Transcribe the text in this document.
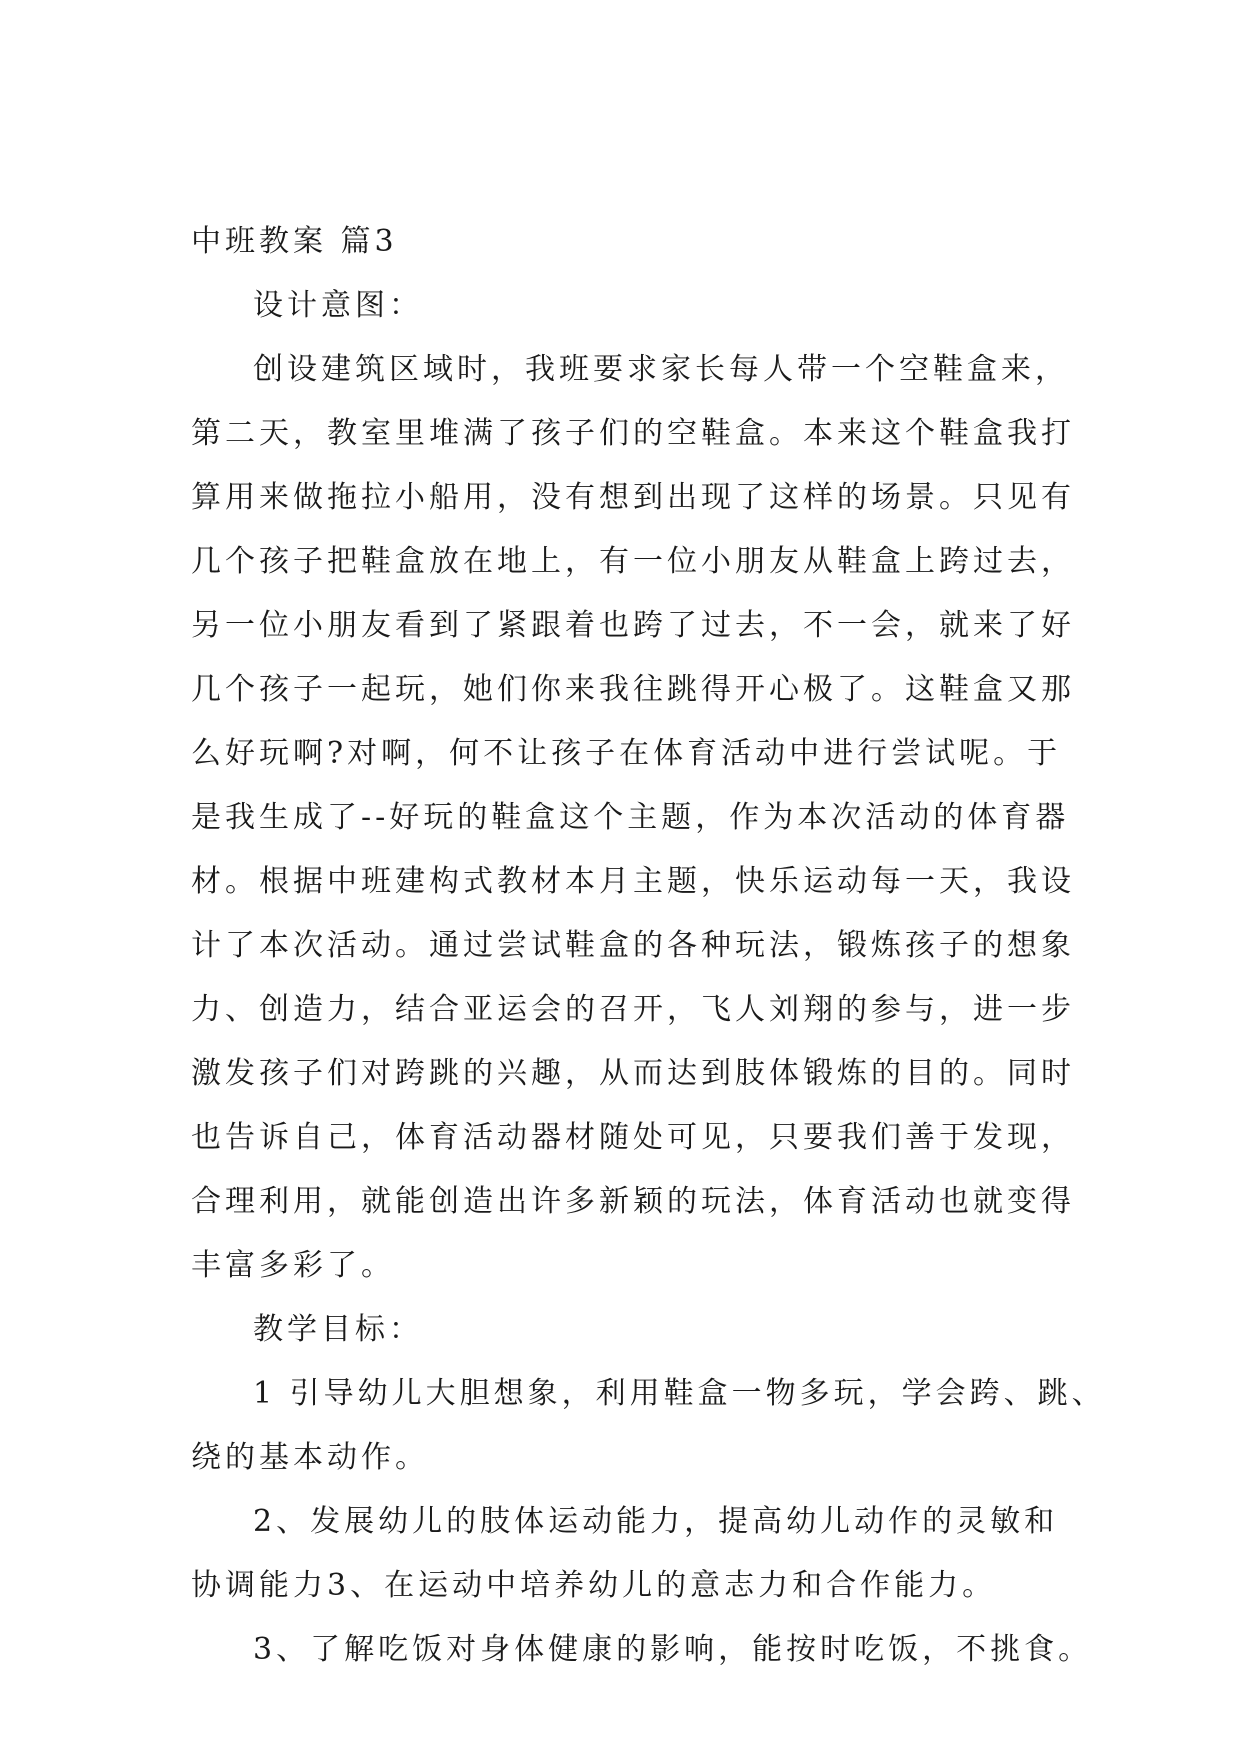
中班教案 篇3

设计意图：

创设建筑区域时，我班要求家长每人带一个空鞋盒来，

第二天，教室里堆满了孩子们的空鞋盒。本来这个鞋盒我打

算用来做拖拉小船用，没有想到出现了这样的场景。只见有

几个孩子把鞋盒放在地上，有一位小朋友从鞋盒上跨过去，

另一位小朋友看到了紧跟着也跨了过去，不一会，就来了好

几个孩子一起玩，她们你来我往跳得开心极了。这鞋盒又那

么好玩啊?对啊，何不让孩子在体育活动中进行尝试呢。于

是我生成了--好玩的鞋盒这个主题，作为本次活动的体育器

材。根据中班建构式教材本月主题，快乐运动每一天，我设

计了本次活动。通过尝试鞋盒的各种玩法，锻炼孩子的想象

力、创造力，结合亚运会的召开，飞人刘翔的参与，进一步

激发孩子们对跨跳的兴趣，从而达到肢体锻炼的目的。同时

也告诉自己，体育活动器材随处可见，只要我们善于发现，

合理利用，就能创造出许多新颖的玩法，体育活动也就变得

丰富多彩了。

教学目标：

1 引导幼儿大胆想象，利用鞋盒一物多玩，学会跨、跳、

绕的基本动作。

2、发展幼儿的肢体运动能力，提高幼儿动作的灵敏和

协调能力3、在运动中培养幼儿的意志力和合作能力。

3、了解吃饭对身体健康的影响，能按时吃饭，不挑食。
